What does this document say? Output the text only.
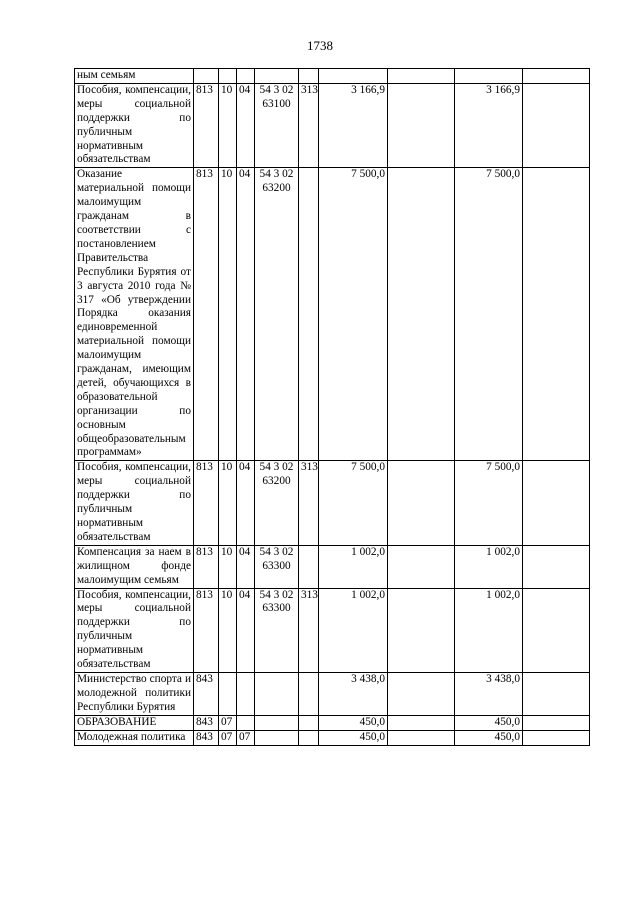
1738
ным семьям									
Пособия, компенсации, меры социальной поддержки по публичным нормативным обязательствам	813	10	04	54 3 02 63100	313	3 166,9		3 166,9	
Оказание материальной помощи малоимущим гражданам в соответствии с постановлением Правительства Республики Бурятия от 3 августа 2010 года № 317 «Об утверждении Порядка оказания единовременной материальной помощи малоимущим гражданам, имеющим детей, обучающихся в образовательной организации по основным общеобразовательным программам»	813	10	04	54 3 02 63200		7 500,0		7 500,0	
Пособия, компенсации, меры социальной поддержки по публичным нормативным обязательствам	813	10	04	54 3 02 63200	313	7 500,0		7 500,0	
Компенсация за наем в жилищном фонде малоимущим семьям	813	10	04	54 3 02 63300		1 002,0		1 002,0	
Пособия, компенсации, меры социальной поддержки по публичным нормативным обязательствам	813	10	04	54 3 02 63300	313	1 002,0		1 002,0	
Министерство спорта и молодежной политики Республики Бурятия	843					3 438,0		3 438,0	
ОБРАЗОВАНИЕ	843	07				450,0		450,0	
Молодежная политика	843	07	07			450,0		450,0	
